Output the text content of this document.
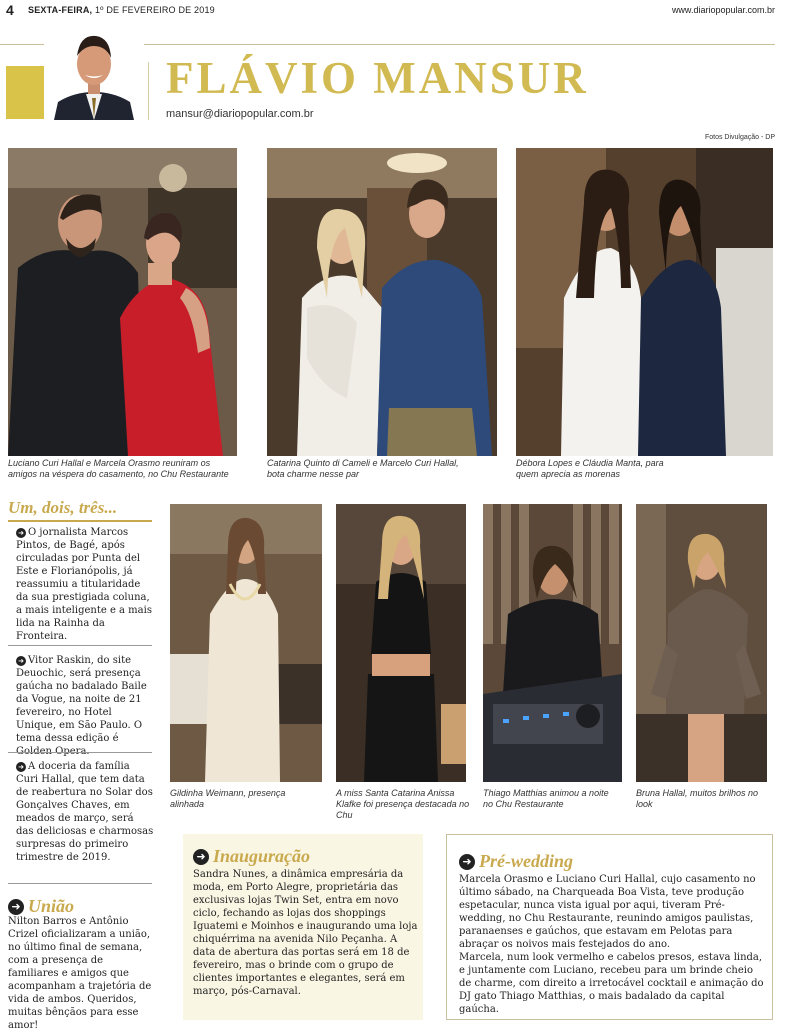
4 SEXTA-FEIRA, 1º DE FEVEREIRO DE 2019	www.diariopopular.com.br
FLÁVIO MANSUR
mansur@diariopopular.com.br
Fotos Divulgação - DP
Luciano Curi Hallal e Marcela Orasmo reuniram os amigos na véspera do casamento, no Chu Restaurante
Catarina Quinto di Cameli e Marcelo Curi Hallal, bota charme nesse par
Débora Lopes e Cláudia Manta, para quem aprecia as morenas
Um, dois, três...
➜ O jornalista Marcos Pintos, de Bagé, após circuladas por Punta del Este e Florianópolis, já reassumiu a titularidade da sua prestigiada coluna, a mais inteligente e a mais lida na Rainha da Fronteira.
➜ Vitor Raskin, do site Deuochic, será presença gaúcha no badalado Baile da Vogue, na noite de 21 fevereiro, no Hotel Unique, em São Paulo. O tema dessa edição é
➜ A doceria da família Curi Hallal, que tem data de reabertura no Solar dos Gonçalves Chaves, em meados de março, será das deliciosas e charmosas surpresas do primeiro trimestre de 2019.
➜ União
Nilton Barros e Antônio Crizel oficializaram a união, no último final de semana, com a presença de familiares e amigos que acompanham a trajetória de vida de ambos. Queridos, muitas bênçãos para esse amor!
Gildinha Weimann, presença alinhada
A miss Santa Catarina Anissa Klafke foi presença destacada no Chu
Thiago Matthias animou a noite no Chu Restaurante
Bruna Hallal, muitos brilhos no look
➜ Inauguração
Sandra Nunes, a dinâmica empresária da moda, em Porto Alegre, proprietária das exclusivas lojas Twin Set, entra em novo ciclo, fechando as lojas dos shoppings Iguatemi e Moinhos e inaugurando uma loja chiquérrima na avenida Nilo Peçanha. A data de abertura das portas será em 18 de fevereiro, mas o brinde com o grupo de clientes importantes e elegantes, será em março, pós-Carnaval.
➜ Pré-wedding
Marcela Orasmo e Luciano Curi Hallal, cujo casamento no último sábado, na Charqueada Boa Vista, teve produção espetacular, nunca vista igual por aqui, tiveram Pré-wedding, no Chu Restaurante, reunindo amigos paulistas, paranaenses e gaúchos, que estavam em Pelotas para abraçar os noivos mais festejados do ano.
Marcela, num look vermelho e cabelos presos, estava linda, e juntamente com Luciano, recebeu para um brinde cheio de charme, com direito a irretocável cocktail e animação do DJ gato Thiago Matthias, o mais badalado da capital gaúcha.
